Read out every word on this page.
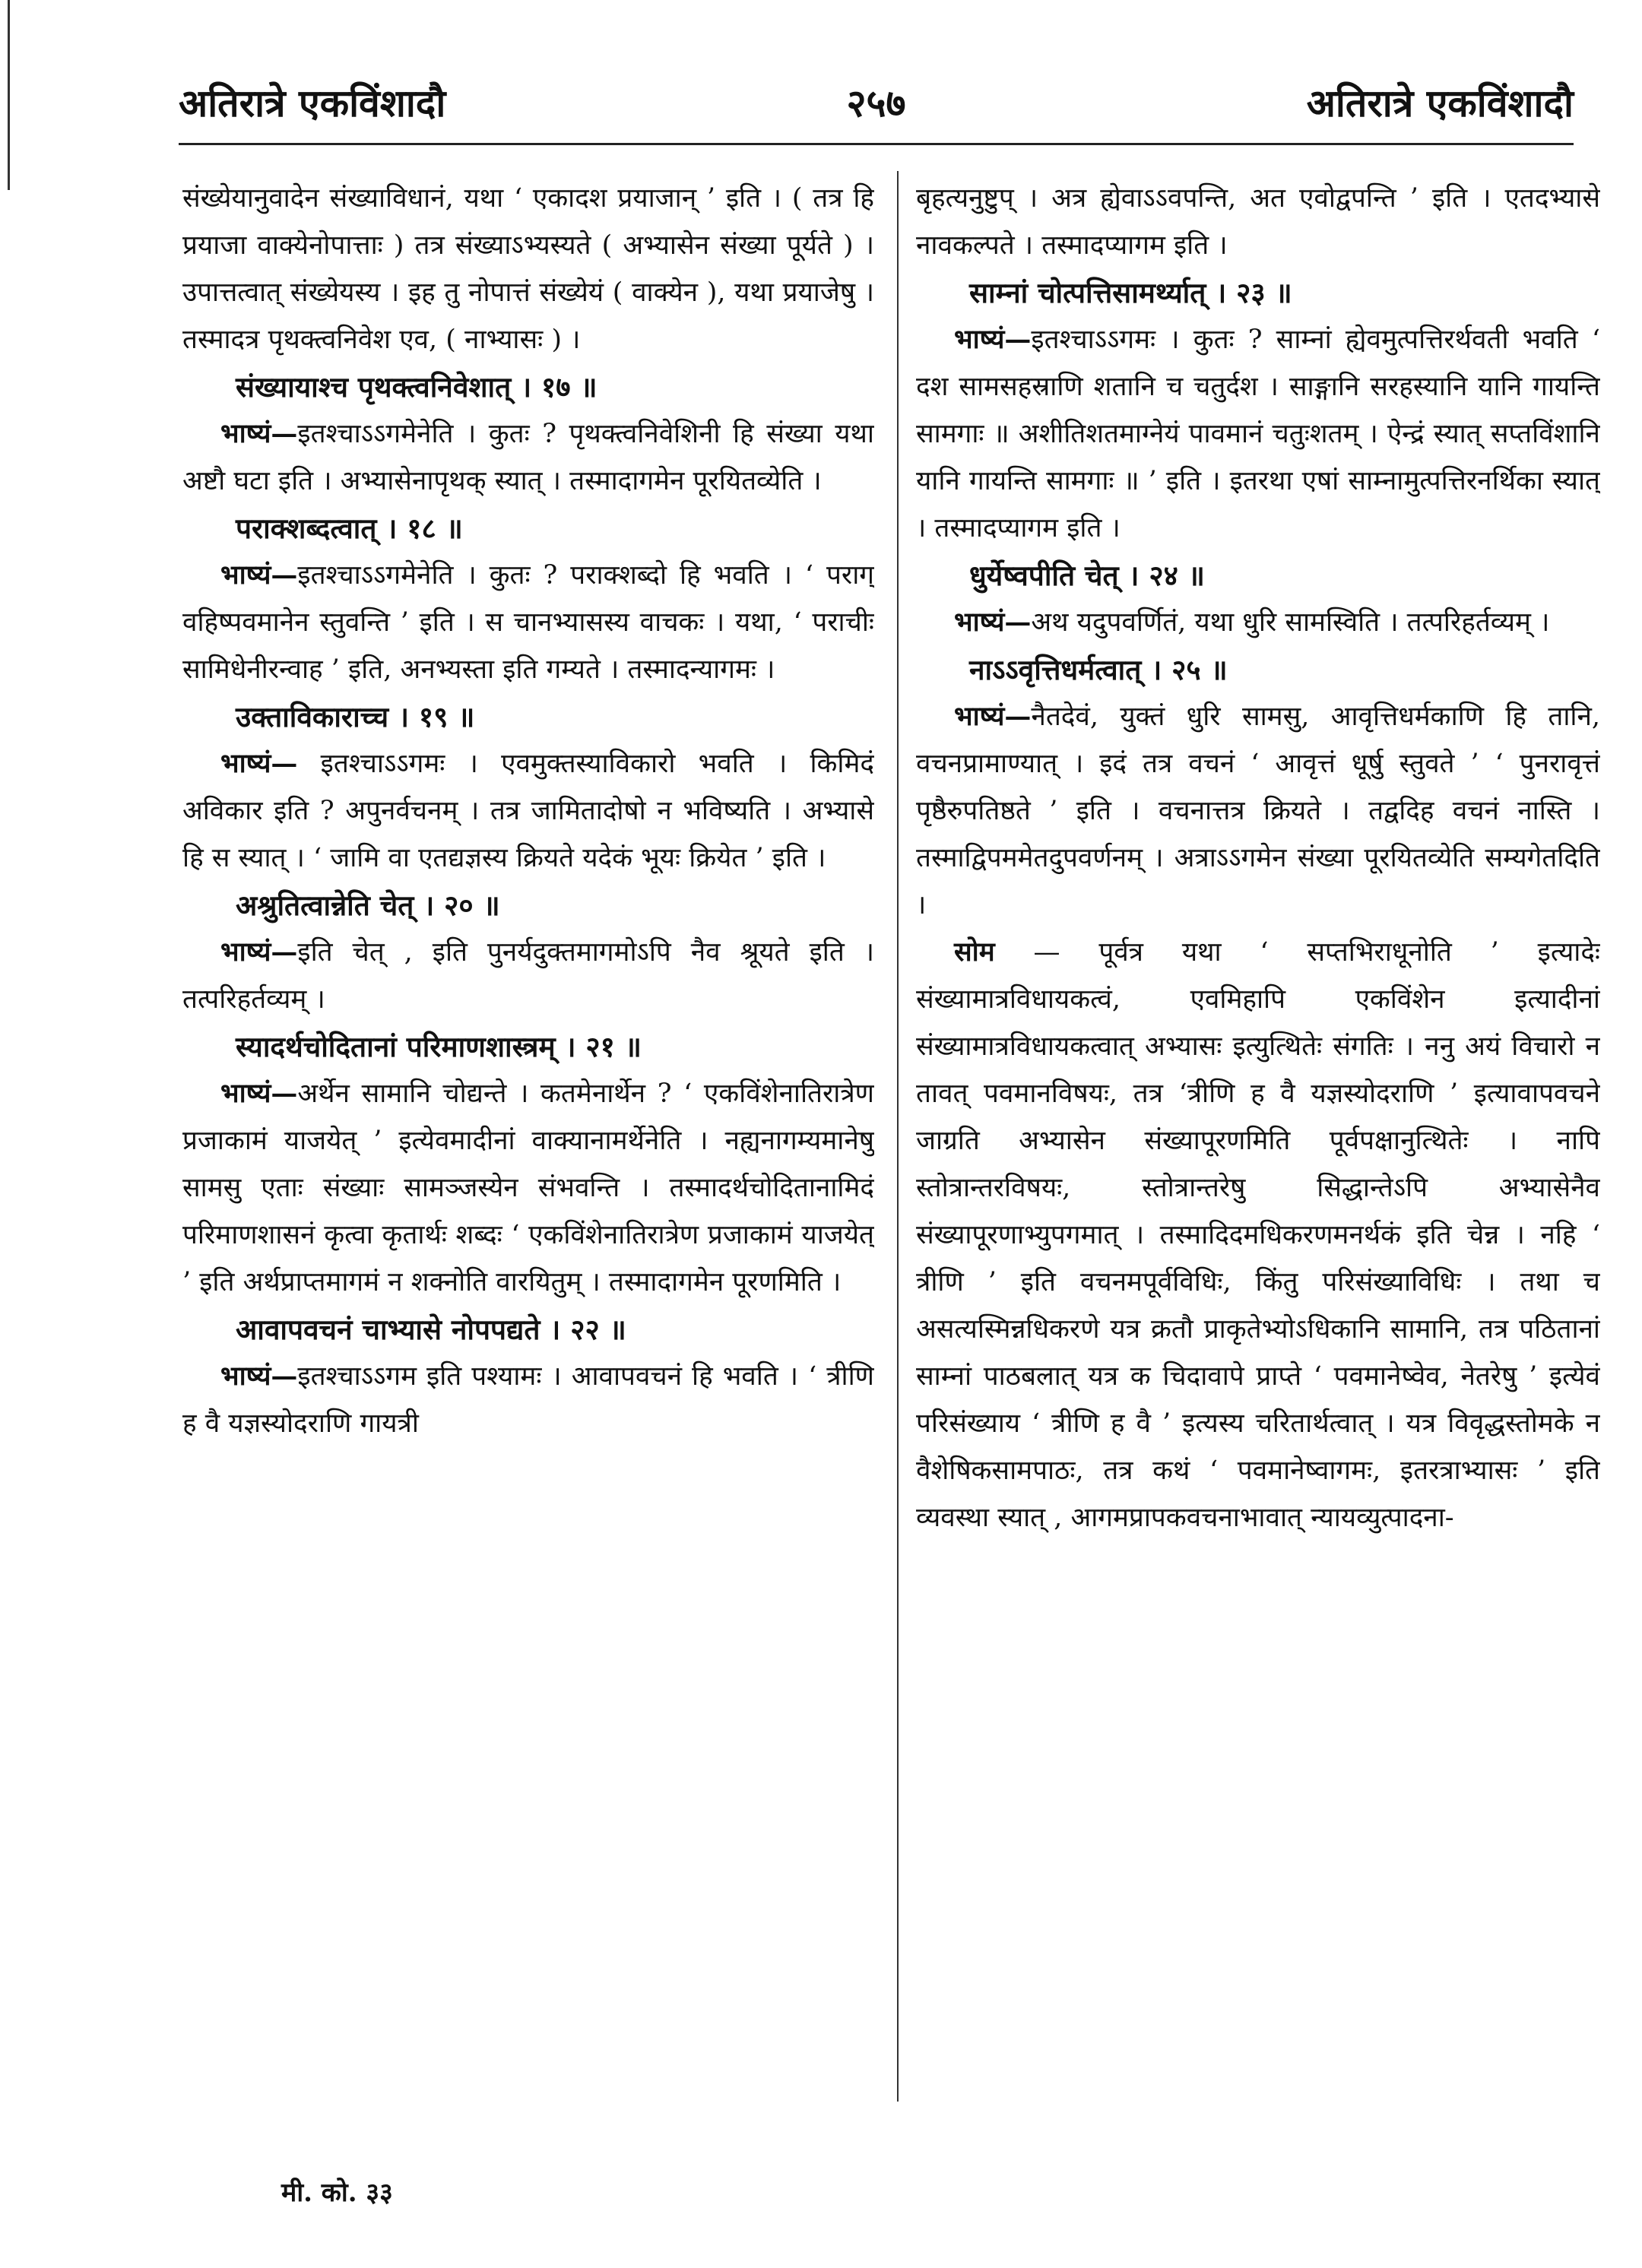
अतिरात्रे एकविंशादौ	२५७	अतिरात्रे एकविंशादौ

संख्येयानुवादेन संख्याविधानं, यथा ‘ एकादश प्रयाजान् ’ इति । ( तत्र हि प्रयाजा वाक्येनोपात्ताः ) तत्र संख्याऽभ्यस्यते ( अभ्यासेन संख्या पूर्यते ) । उपात्तत्वात् संख्येयस्य । इह तु नोपात्तं संख्येयं ( वाक्येन ), यथा प्रयाजेषु । तस्मादत्र पृथक्त्वनिवेश एव, ( नाभ्यासः ) ।

संख्यायाश्च पृथक्त्वनिवेशात् । १७ ॥

भाष्यं—इतश्चाऽऽगमेनेति । कुतः ? पृथक्त्वनिवेशिनी हि संख्या यथा अष्टौ घटा इति । अभ्यासेनापृथक् स्यात् । तस्मादागमेन पूरयितव्येति ।

पराक्शब्दत्वात् । १८ ॥

भाष्यं—इतश्चाऽऽगमेनेति । कुतः ? पराक्शब्दो हि भवति । ‘ पराग् वहिष्पवमानेन स्तुवन्ति ’ इति । स चानभ्यासस्य वाचकः । यथा, ‘ पराचीः सामिधेनीरन्वाह ’ इति, अनभ्यस्ता इति गम्यते । तस्मादन्यागमः ।

उक्ताविकाराच्च । १९ ॥

भाष्यं— इतश्चाऽऽगमः । एवमुक्तस्याविकारो भवति । किमिदं अविकार इति ? अपुनर्वचनम् । तत्र जामितादोषो न भविष्यति । अभ्यासे हि स स्यात् । ‘ जामि वा एतद्यज्ञस्य क्रियते यदेकं भूयः क्रियेत ’ इति ।

अश्रुतित्वान्नेति चेत् । २० ॥

भाष्यं—इति चेत् , इति पुनर्यदुक्तमागमोऽपि नैव श्रूयते इति । तत्परिहर्तव्यम् ।

स्यादर्थचोदितानां परिमाणशास्त्रम् । २१ ॥

भाष्यं—अर्थेन सामानि चोद्यन्ते । कतमेनार्थेन ? ‘ एकविंशेनातिरात्रेण प्रजाकामं याजयेत् ’ इत्येवमादीनां वाक्यानामर्थेनेति । नह्यनागम्यमानेषु सामसु एताः संख्याः सामञ्जस्येन संभवन्ति । तस्मादर्थचोदितानामिदं परिमाणशासनं कृत्वा कृतार्थः शब्दः ‘ एकविंशेनातिरात्रेण प्रजाकामं याजयेत् ’ इति अर्थप्राप्तमागमं न शक्नोति वारयितुम् । तस्मादागमेन पूरणमिति ।

आवापवचनं चाभ्यासे नोपपद्यते । २२ ॥

भाष्यं—इतश्चाऽऽगम इति पश्यामः । आवापवचनं हि भवति । ‘ त्रीणि ह वै यज्ञस्योदराणि गायत्री

बृहत्यनुष्टुप् । अत्र ह्येवाऽऽवपन्ति, अत एवोद्वपन्ति ’ इति । एतदभ्यासे नावकल्पते । तस्मादप्यागम इति ।

साम्नां चोत्पत्तिसामर्थ्यात् । २३ ॥

भाष्यं—इतश्चाऽऽगमः । कुतः ? साम्नां ह्येवमुत्पत्तिरर्थवती भवति ‘ दश सामसहस्राणि शतानि च चतुर्दश । साङ्गानि सरहस्यानि यानि गायन्ति सामगाः ॥ अशीतिशतमाग्नेयं पावमानं चतुःशतम् । ऐन्द्रं स्यात् सप्तविंशानि यानि गायन्ति सामगाः ॥ ’ इति । इतरथा एषां साम्नामुत्पत्तिरनर्थिका स्यात् । तस्मादप्यागम इति ।

धुर्येष्वपीति चेत् । २४ ॥

भाष्यं—अथ यदुपवर्णितं, यथा धुरि सामस्विति । तत्परिहर्तव्यम् ।

नाऽऽवृत्तिधर्मत्वात् । २५ ॥

भाष्यं—नैतदेवं, युक्तं धुरि सामसु, आवृत्तिधर्मकाणि हि तानि, वचनप्रामाण्यात् । इदं तत्र वचनं ‘ आवृत्तं धूर्षु स्तुवते ’ ‘ पुनरावृत्तं पृष्ठैरुपतिष्ठते ’ इति । वचनात्तत्र क्रियते । तद्वदिह वचनं नास्ति । तस्माद्विपममेतदुपवर्णनम् । अत्राऽऽगमेन संख्या पूरयितव्येति सम्यगेतदिति ।

सोम — पूर्वत्र यथा ‘ सप्तभिराधूनोति ’ इत्यादेः संख्यामात्रविधायकत्वं, एवमिहापि एकविंशेन इत्यादीनां संख्यामात्रविधायकत्वात् अभ्यासः इत्युत्थितेः संगतिः । ननु अयं विचारो न तावत् पवमानविषयः, तत्र ‘त्रीणि ह वै यज्ञस्योदराणि ’ इत्यावापवचने जाग्रति अभ्यासेन संख्यापूरणमिति पूर्वपक्षानुत्थितेः । नापि स्तोत्रान्तरविषयः, स्तोत्रान्तरेषु सिद्धान्तेऽपि अभ्यासेनैव संख्यापूरणाभ्युपगमात् । तस्मादिदमधिकरणमनर्थकं इति चेन्न । नहि ‘ त्रीणि ’ इति वचनमपूर्वविधिः, किंतु परिसंख्याविधिः । तथा च असत्यस्मिन्नधिकरणे यत्र क्रतौ प्राकृतेभ्योऽधिकानि सामानि, तत्र पठितानां साम्नां पाठबलात् यत्र क चिदावापे प्राप्ते ‘ पवमानेष्वेव, नेतरेषु ’ इत्येवं परिसंख्याय ‘ त्रीणि ह वै ’ इत्यस्य चरितार्थत्वात् । यत्र विवृद्धस्तोमके न वैशेषिकसामपाठः, तत्र कथं ‘ पवमानेष्वागमः, इतरत्राभ्यासः ’ इति व्यवस्था स्यात् , आगमप्रापकवचनाभावात् न्यायव्युत्पादना-

मी. को. ३३
